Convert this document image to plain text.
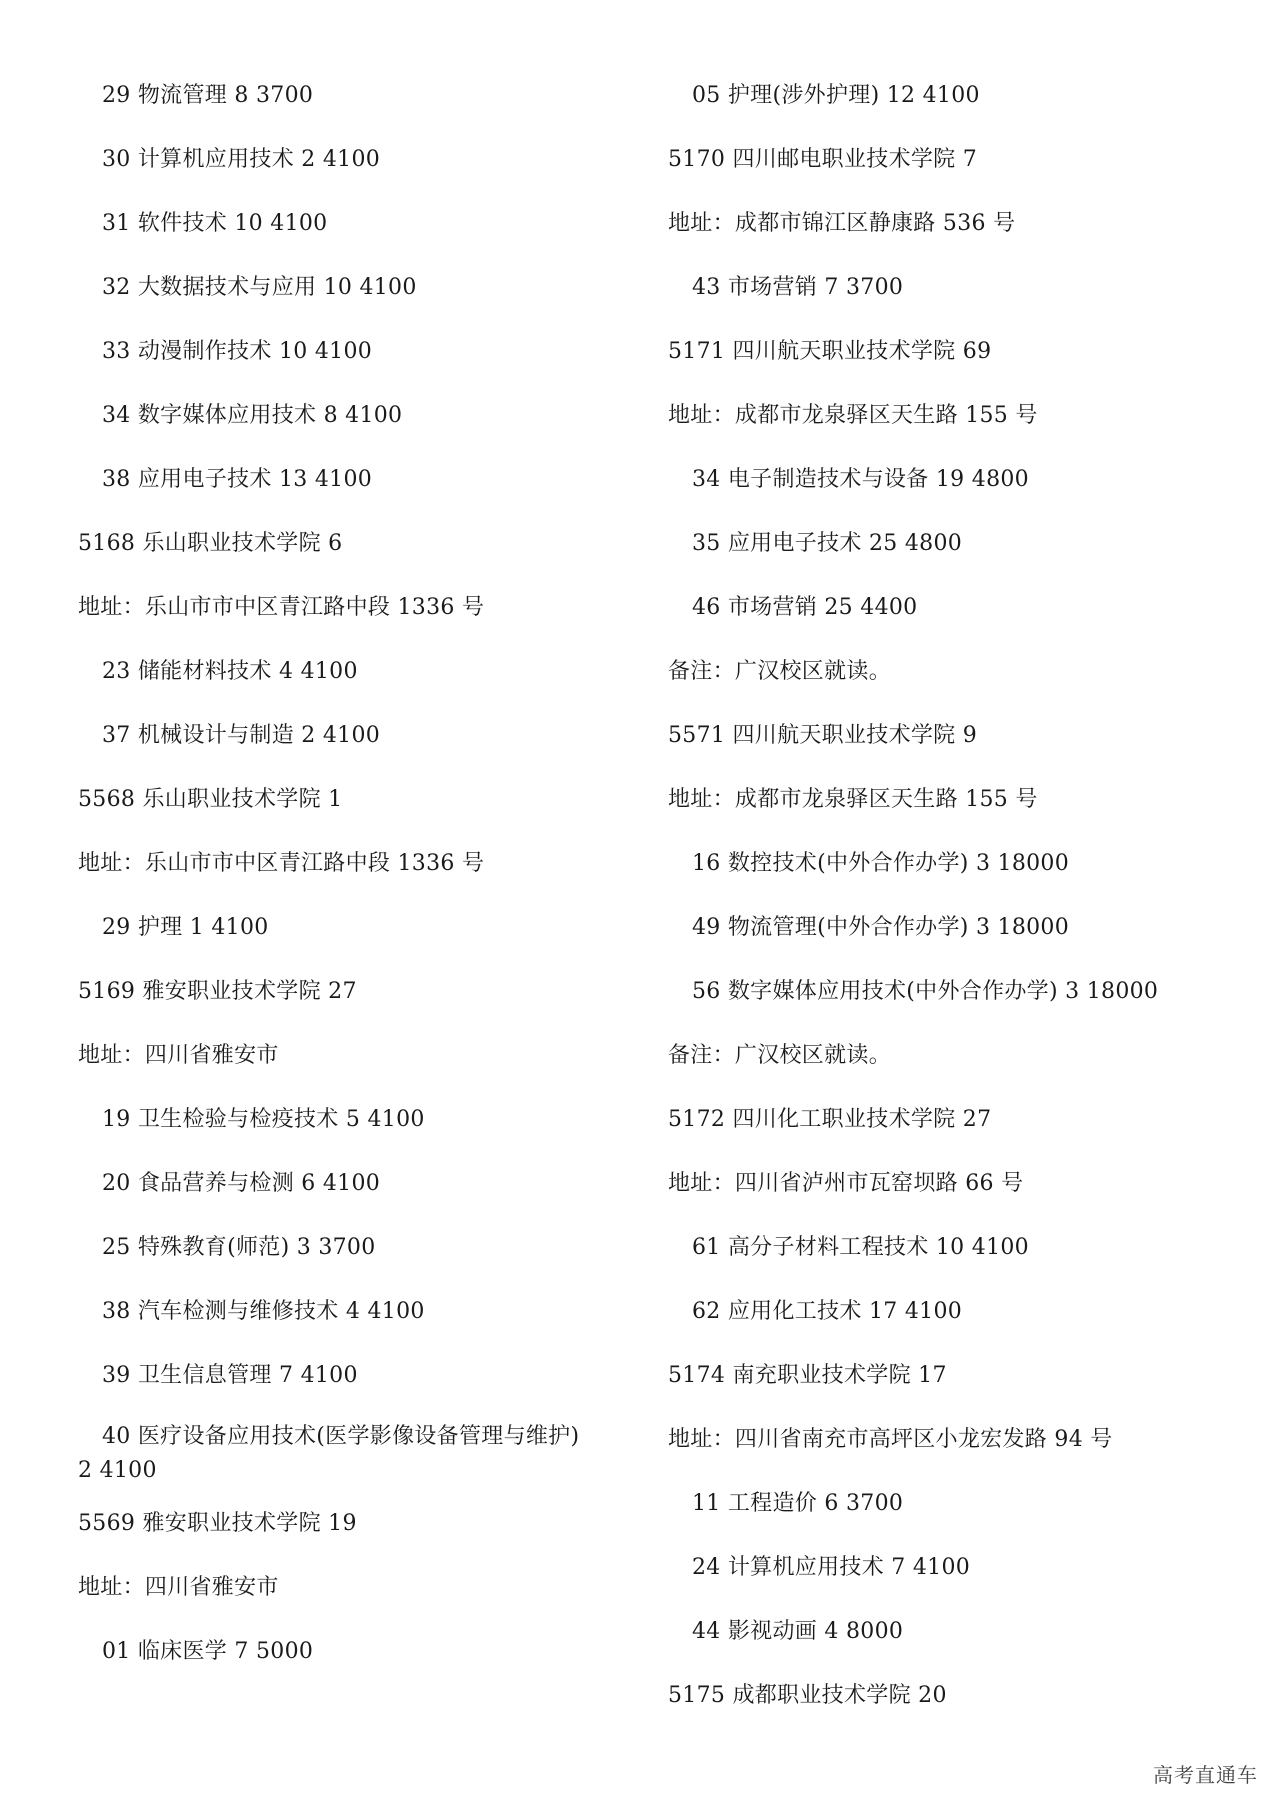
29 物流管理 8 3700
30 计算机应用技术 2 4100
31 软件技术 10 4100
32 大数据技术与应用 10 4100
33 动漫制作技术 10 4100
34 数字媒体应用技术 8 4100
38 应用电子技术 13 4100
5168 乐山职业技术学院 6
地址：乐山市市中区青江路中段 1336 号
23 储能材料技术 4 4100
37 机械设计与制造 2 4100
5568 乐山职业技术学院 1
地址：乐山市市中区青江路中段 1336 号
29 护理 1 4100
5169 雅安职业技术学院 27
地址：四川省雅安市
19 卫生检验与检疫技术 5 4100
20 食品营养与检测 6 4100
25 特殊教育(师范) 3 3700
38 汽车检测与维修技术 4 4100
39 卫生信息管理 7 4100
40 医疗设备应用技术(医学影像设备管理与维护)
2 4100
5569 雅安职业技术学院 19
地址：四川省雅安市
01 临床医学 7 5000
05 护理(涉外护理) 12 4100
5170 四川邮电职业技术学院 7
地址：成都市锦江区静康路 536 号
43 市场营销 7 3700
5171 四川航天职业技术学院 69
地址：成都市龙泉驿区天生路 155 号
34 电子制造技术与设备 19 4800
35 应用电子技术 25 4800
46 市场营销 25 4400
备注：广汉校区就读。
5571 四川航天职业技术学院 9
地址：成都市龙泉驿区天生路 155 号
16 数控技术(中外合作办学) 3 18000
49 物流管理(中外合作办学) 3 18000
56 数字媒体应用技术(中外合作办学) 3 18000
备注：广汉校区就读。
5172 四川化工职业技术学院 27
地址：四川省泸州市瓦窑坝路 66 号
61 高分子材料工程技术 10 4100
62 应用化工技术 17 4100
5174 南充职业技术学院 17
地址：四川省南充市高坪区小龙宏发路 94 号
11 工程造价 6 3700
24 计算机应用技术 7 4100
44 影视动画 4 8000
5175 成都职业技术学院 20
高考直通车
